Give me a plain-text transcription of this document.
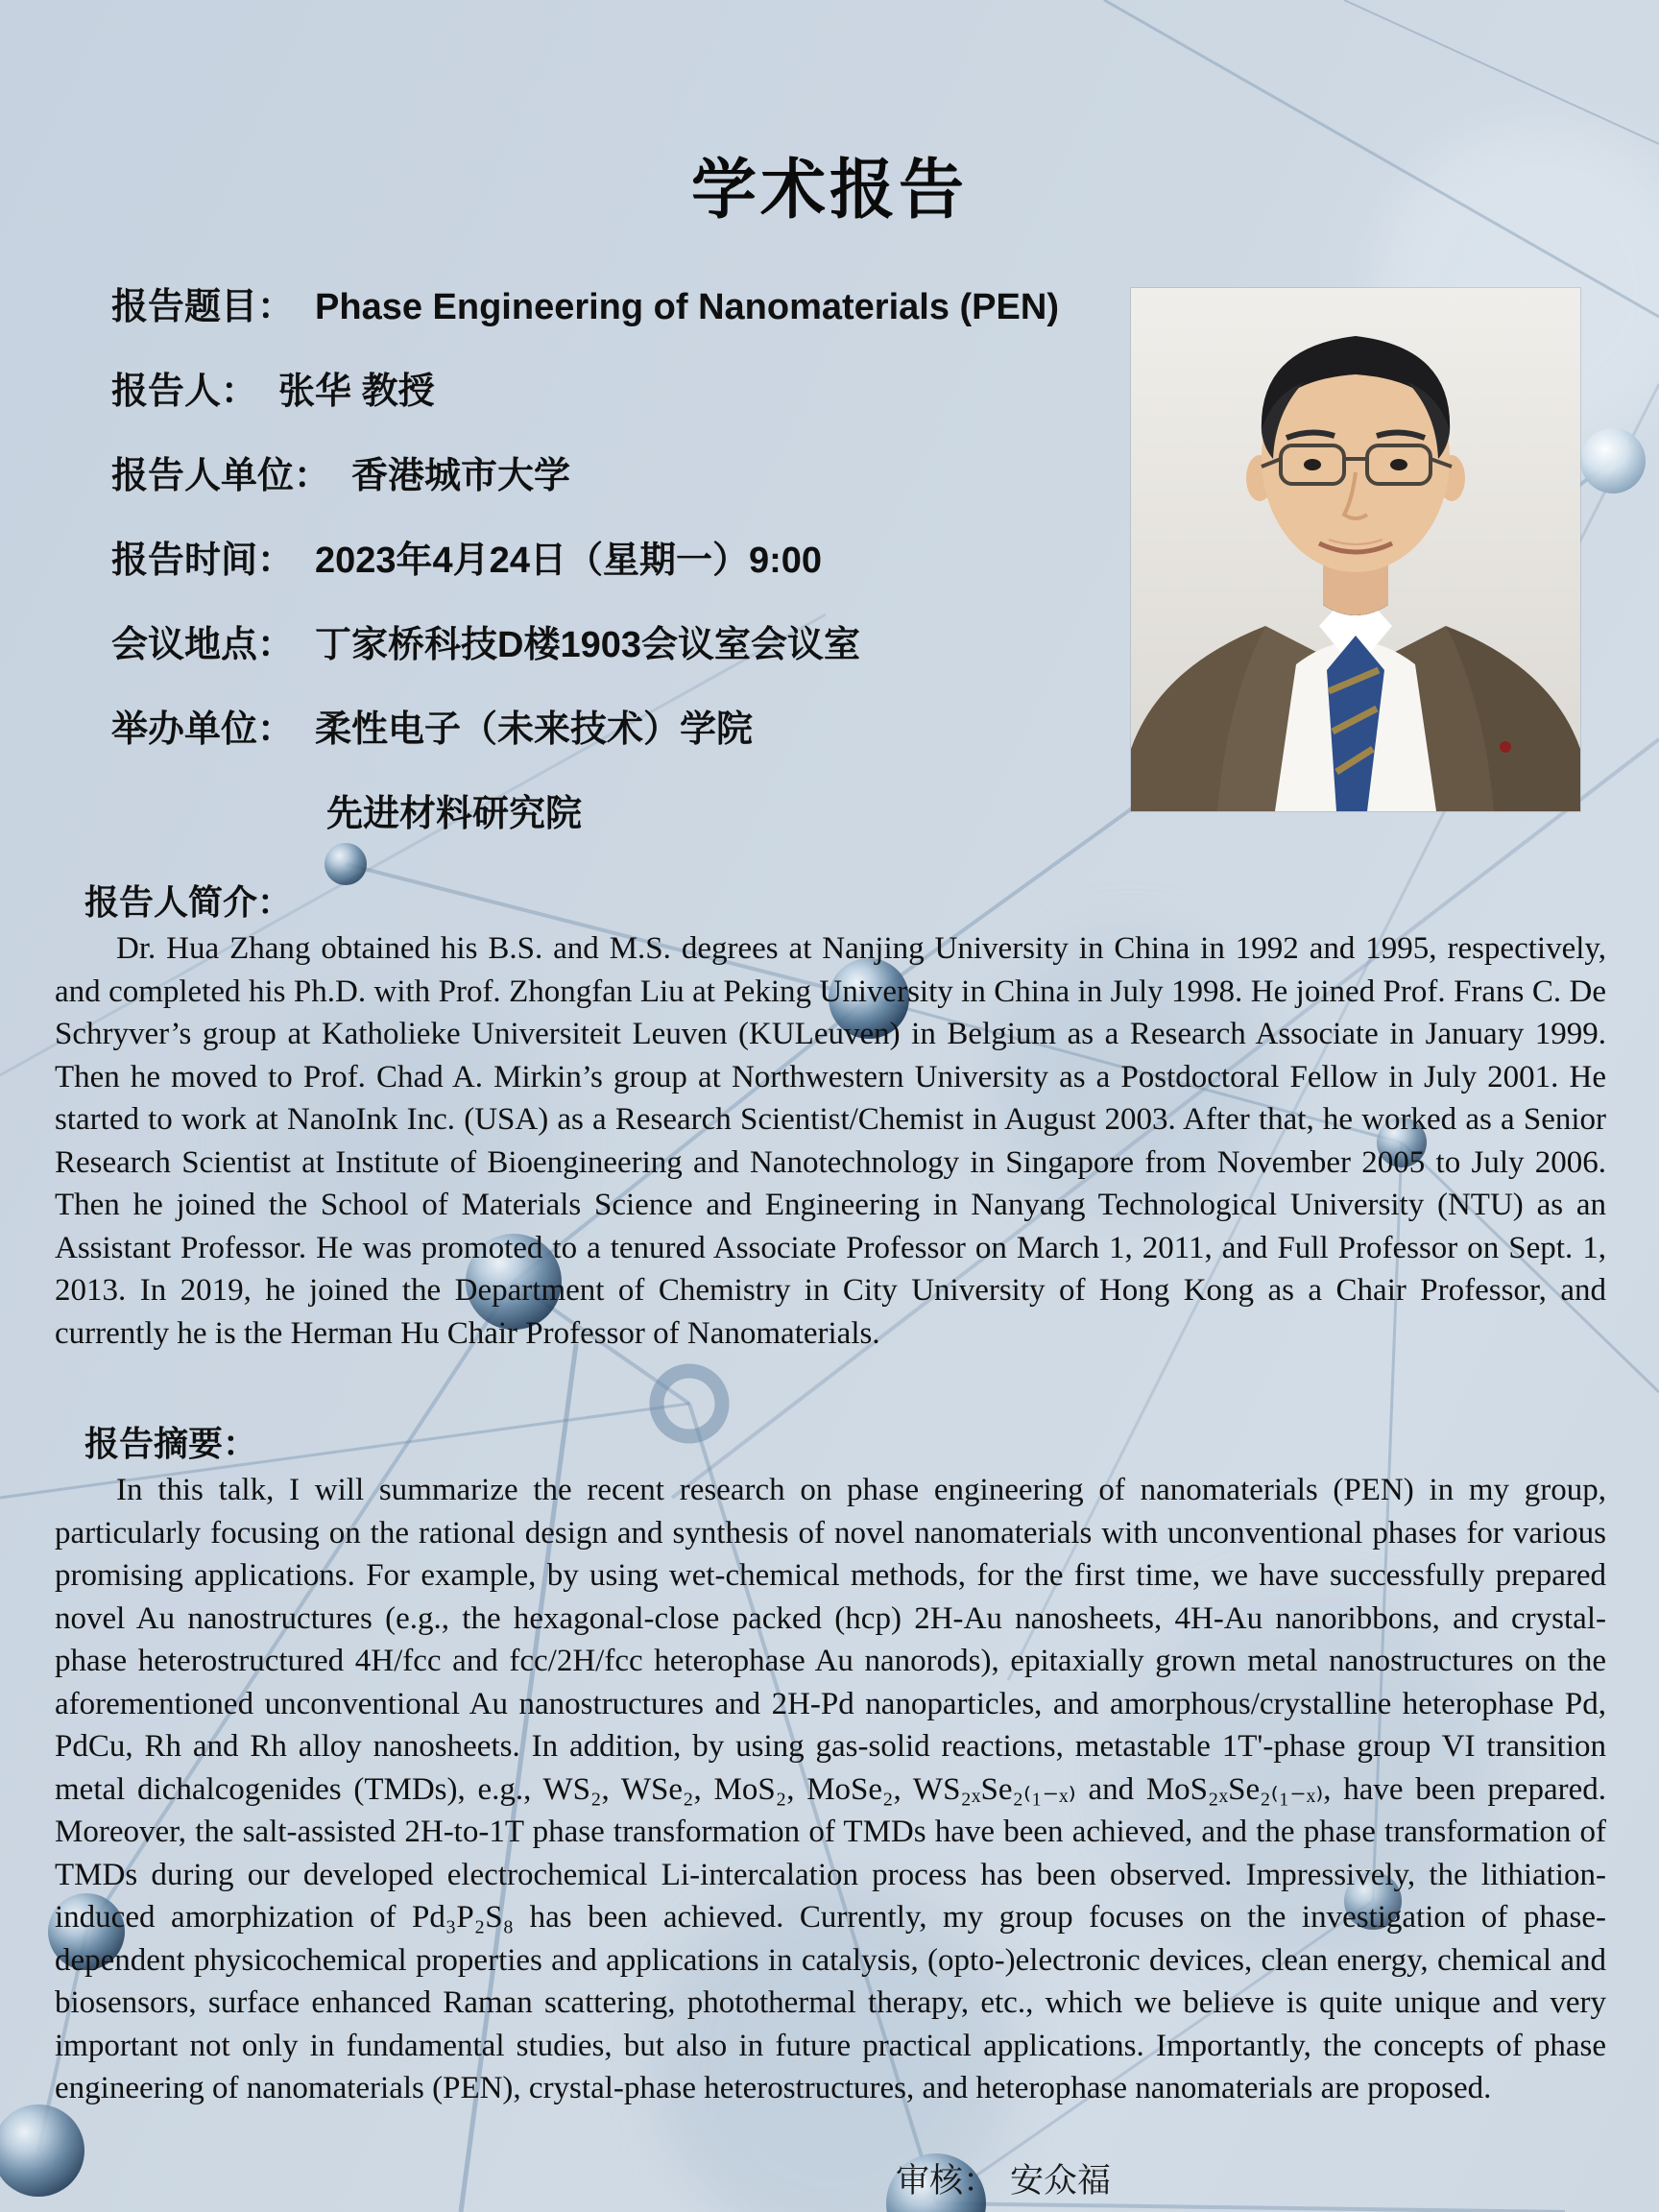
学术报告
报告题目： Phase Engineering of Nanomaterials (PEN)
报告人： 张华 教授
报告人单位： 香港城市大学
报告时间： 2023年4月24日（星期一）9:00
会议地点： 丁家桥科技D楼1903会议室会议室
举办单位： 柔性电子（未来技术）学院
先进材料研究院
报告人简介：
Dr. Hua Zhang obtained his B.S. and M.S. degrees at Nanjing University in China in 1992 and 1995, respectively, and completed his Ph.D. with Prof. Zhongfan Liu at Peking University in China in July 1998. He joined Prof. Frans C. De Schryver’s group at Katholieke Universiteit Leuven (KULeuven) in Belgium as a Research Associate in January 1999. Then he moved to Prof. Chad A. Mirkin’s group at Northwestern University as a Postdoctoral Fellow in July 2001. He started to work at NanoInk Inc. (USA) as a Research Scientist/Chemist in August 2003. After that, he worked as a Senior Research Scientist at Institute of Bioengineering and Nanotechnology in Singapore from November 2005 to July 2006. Then he joined the School of Materials Science and Engineering in Nanyang Technological University (NTU) as an Assistant Professor. He was promoted to a tenured Associate Professor on March 1, 2011, and Full Professor on Sept. 1, 2013. In 2019, he joined the Department of Chemistry in City University of Hong Kong as a Chair Professor, and currently he is the Herman Hu Chair Professor of Nanomaterials.
报告摘要：
In this talk, I will summarize the recent research on phase engineering of nanomaterials (PEN) in my group, particularly focusing on the rational design and synthesis of novel nanomaterials with unconventional phases for various promising applications. For example, by using wet-chemical methods, for the first time, we have successfully prepared novel Au nanostructures (e.g., the hexagonal-close packed (hcp) 2H-Au nanosheets, 4H-Au nanoribbons, and crystal-phase heterostructured 4H/fcc and fcc/2H/fcc heterophase Au nanorods), epitaxially grown metal nanostructures on the aforementioned unconventional Au nanostructures and 2H-Pd nanoparticles, and amorphous/crystalline heterophase Pd, PdCu, Rh and Rh alloy nanosheets. In addition, by using gas-solid reactions, metastable 1T'-phase group VI transition metal dichalcogenides (TMDs), e.g., WS₂, WSe₂, MoS₂, MoSe₂, WS₂ₓSe₂₍₁₋ₓ₎ and MoS₂ₓSe₂₍₁₋ₓ₎, have been prepared. Moreover, the salt-assisted 2H-to-1T phase transformation of TMDs have been achieved, and the phase transformation of TMDs during our developed electrochemical Li-intercalation process has been observed. Impressively, the lithiation-induced amorphization of Pd₃P₂S₈ has been achieved. Currently, my group focuses on the investigation of phase-dependent physicochemical properties and applications in catalysis, (opto-)electronic devices, clean energy, chemical and biosensors, surface enhanced Raman scattering, photothermal therapy, etc., which we believe is quite unique and very important not only in fundamental studies, but also in future practical applications. Importantly, the concepts of phase engineering of nanomaterials (PEN), crystal-phase heterostructures, and heterophase nanomaterials are proposed.
审核： 安众福
